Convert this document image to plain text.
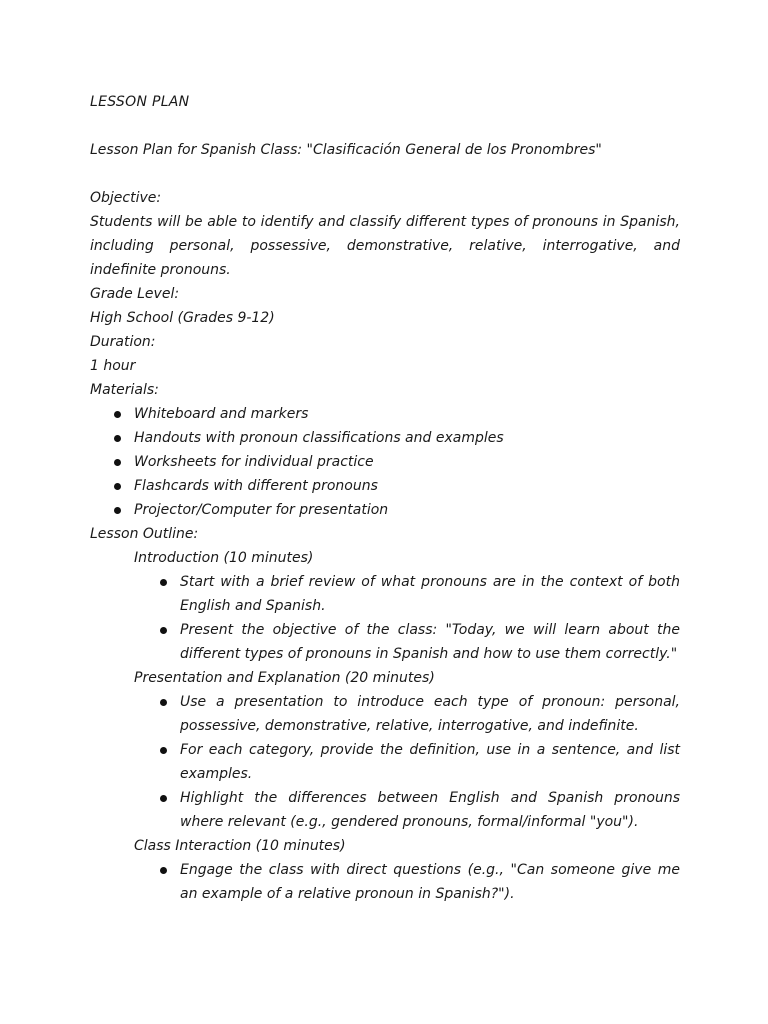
LESSON PLAN

Lesson Plan for Spanish Class: "Clasificación General de los Pronombres"

Objective:

Students will be able to identify and classify different types of pronouns in Spanish, including personal, possessive, demonstrative, relative, interrogative, and indefinite pronouns.

Grade Level:

High School (Grades 9-12)

Duration:

1 hour

Materials:

Whiteboard and markers
Handouts with pronoun classifications and examples
Worksheets for individual practice
Flashcards with different pronouns
Projector/Computer for presentation

Lesson Outline:

Introduction (10 minutes)

Start with a brief review of what pronouns are in the context of both English and Spanish.
Present the objective of the class: "Today, we will learn about the different types of pronouns in Spanish and how to use them correctly."

Presentation and Explanation (20 minutes)

Use a presentation to introduce each type of pronoun: personal, possessive, demonstrative, relative, interrogative, and indefinite.
For each category, provide the definition, use in a sentence, and list examples.
Highlight the differences between English and Spanish pronouns where relevant (e.g., gendered pronouns, formal/informal "you").

Class Interaction (10 minutes)

Engage the class with direct questions (e.g., "Can someone give me an example of a relative pronoun in Spanish?").
